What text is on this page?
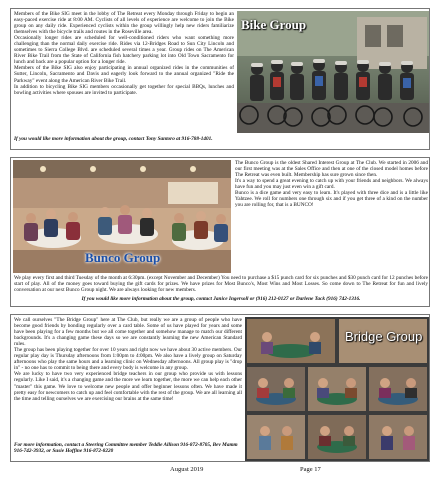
Members of the Bike SIG meet in the lobby of The Retreat every Monday through Friday to begin an easy-paced exercise ride at 8:00 AM. Cyclists of all levels of experience are welcome to join the Bike group on any daily ride. Experienced cyclists within the group willingly help new riders familiarize themselves with the bicycle trails and routes in the Roseville area.

Occasionally longer rides are scheduled for well-conditioned riders who want something more challenging than the normal daily exercise ride. Rides via 12-Bridges Road to Sun City Lincoln and sometimes to Sierra College Blvd. are scheduled several times a year. Group rides on The American River Bike Trail from the State of California fish hatchery parking lot into Old Town Sacramento for lunch and back are a popular option for a longer ride.

Members of the Bike SIG also enjoy participating in annual organized rides in the communities of Sutter, Lincoln, Sacramento and Davis and eagerly look forward to the annual organized "Ride the Parkway" event along the American River Bike Trail.

In addition to bicycling Bike SIG members occasionally get together for special BBQs, lunches and bowling activities where spouses are invited to participate.

If you would like more information about the group, contact Tony Santoro at 916-788-1401.

Bike Group
Bunco Group

The Bunco Group is the oldest Shared Interest Group at The Club. We started in 2006 and our first meeting was at the Sales Office and then at one of the closed model homes before The Retreat was even built. Membership has sure grown since then.

It's a way to spend a great evening to catch up with your friends and neighbors. We always have fun and you may just even win a gift card.

Bunco is a dice game and very easy to learn. It's played with three dice and is a little like Yahtzee. We roll for numbers one through six and if you get three of a kind on the number you are rolling for, that is a BUNCO!

We play every first and third Tuesday of the month at 6:30pm. (except November and December) You need to purchase a $15 punch card for six punches and $30 punch card for 12 punches before start of play. All of the money goes toward buying the gift cards for prizes. We have prizes for Most Bunco's, Most Wins and Most Losses. So come down to The Retreat for fun and lively conversation at our next Bunco Group night. We are always looking for new members.

If you would like more information about the group, contact Janice Ingersoll or (916) 212-0127 or Darlene Tack (916) 742-1316.

We call ourselves "The Bridge Group" here at The Club, but really we are a group of people who have become good friends by bonding regularly over a card table. Some of us have played for years and some have been playing for a few months but we all come together and somehow manage to match our different backgrounds. It's a changing game these days so we are constantly learning the new American Standard rules.

The group has been playing together for over 10 years and right now we have about 30 active members. Our regular play day is Thursday afternoons from 1:00pm to 4:00pm. We also have a lively group on Saturday afternoons who play the same hours and a learning clinic on Wednesday afternoons. All group play is "drop in" - no one has to commit to being there and every body is welcome in any group.

We are lucky to have two very experienced bridge teachers in our group who provide us with lessons regularly. Like I said, it's a changing game and the more we learn together, the more we can help each other "master" this game. We love to welcome new people and offer beginner lessons often. We have made it pretty easy for newcomers to catch up and feel comfortable with the rest of the group. We are all learning all the time and telling ourselves we are exercising our brains at the same time!

For more information, contact a Steering Committee member Teddie Allison 916-872-8705, Bev Mamm 916-742-3932, or Susie Hoffine 916-872-8220

Bridge Group
August 2019	Page 17
